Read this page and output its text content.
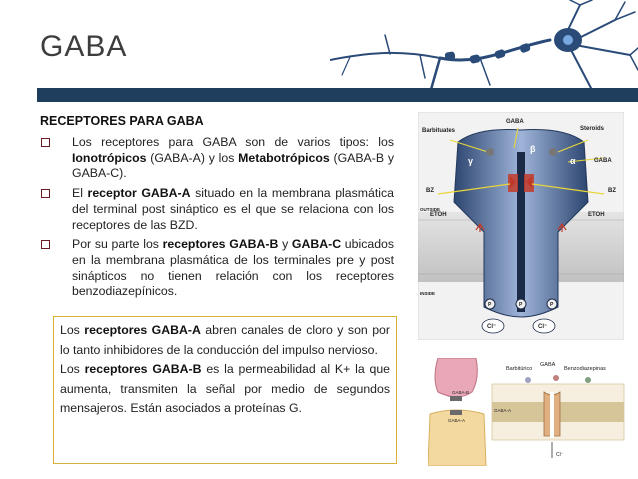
GABA
RECEPTORES PARA GABA
Los receptores para GABA son de varios tipos: los Ionotrópicos (GABA-A) y los Metabotrópicos (GABA-B y GABA-C).
El receptor GABA-A situado en la membrana plasmática del terminal post sináptico es el que se relaciona con los receptores de las BZD.
Por su parte los receptores GABA-B y GABA-C ubicados en la membrana plasmática de los terminales pre y post sinápticos no tienen relación con los receptores benzodiazepínicos.

Los receptores GABA-A abren canales de cloro y son por lo tanto inhibidores de la conducción del impulso nervioso.

Los receptores GABA-B es la permeabilidad al K+ la que aumenta, transmiten la señal por medio de segundos mensajeros. Están asociados a proteínas G.

GABA
Barbituates	Steroids
GABA
BZ	BZ
ETOH	ETOH
OUTSIDE
INSIDE
γ
β
α
P	P	P
Cl⁻	Cl⁻
Barbitúrico
GABA
Benzodiazepinas
GABA-B
GABA-A
GABA-A
Cl⁻
